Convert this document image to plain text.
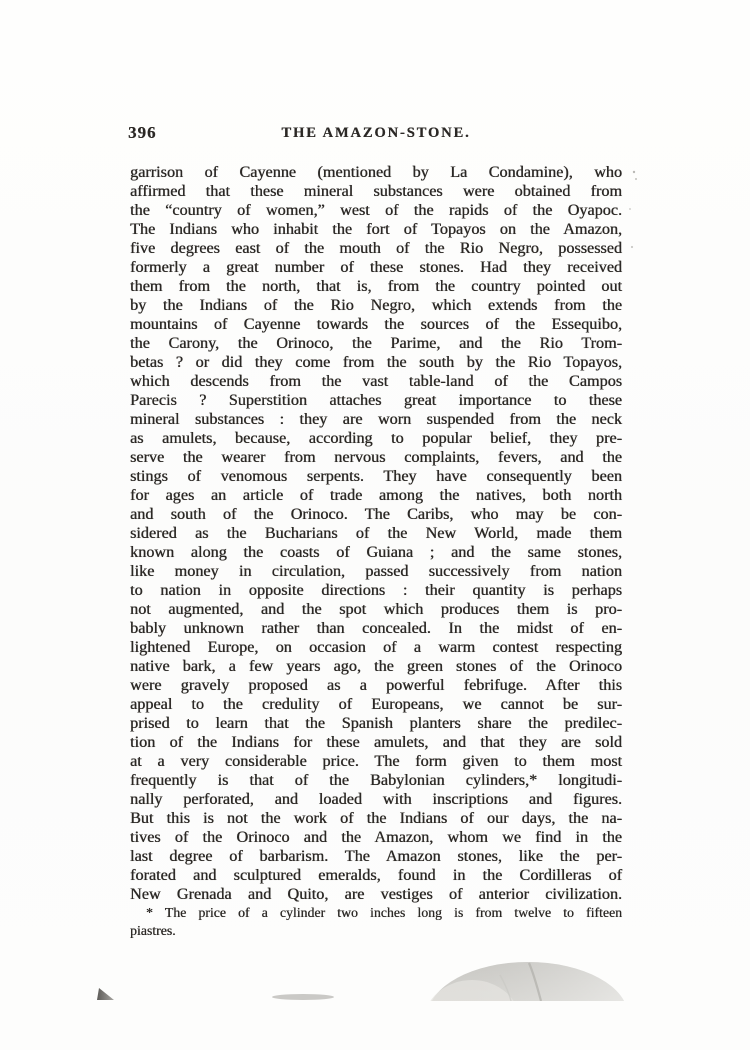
396	THE AMAZON-STONE.
garrison of Cayenne (mentioned by La Condamine), who
affirmed that these mineral substances were obtained from
the “country of women,” west of the rapids of the Oyapoc.
The Indians who inhabit the fort of Topayos on the Amazon,
five degrees east of the mouth of the Rio Negro, possessed
formerly a great number of these stones. Had they received
them from the north, that is, from the country pointed out
by the Indians of the Rio Negro, which extends from the
mountains of Cayenne towards the sources of the Essequibo,
the Carony, the Orinoco, the Parime, and the Rio Trom-
betas ? or did they come from the south by the Rio Topayos,
which descends from the vast table-land of the Campos
Parecis ? Superstition attaches great importance to these
mineral substances : they are worn suspended from the neck
as amulets, because, according to popular belief, they pre-
serve the wearer from nervous complaints, fevers, and the
stings of venomous serpents. They have consequently been
for ages an article of trade among the natives, both north
and south of the Orinoco. The Caribs, who may be con-
sidered as the Bucharians of the New World, made them
known along the coasts of Guiana ; and the same stones,
like money in circulation, passed successively from nation
to nation in opposite directions : their quantity is perhaps
not augmented, and the spot which produces them is pro-
bably unknown rather than concealed. In the midst of en-
lightened Europe, on occasion of a warm contest respecting
native bark, a few years ago, the green stones of the Orinoco
were gravely proposed as a powerful febrifuge. After this
appeal to the credulity of Europeans, we cannot be sur-
prised to learn that the Spanish planters share the predilec-
tion of the Indians for these amulets, and that they are sold
at a very considerable price. The form given to them most
frequently is that of the Babylonian cylinders,* longitudi-
nally perforated, and loaded with inscriptions and figures.
But this is not the work of the Indians of our days, the na-
tives of the Orinoco and the Amazon, whom we find in the
last degree of barbarism. The Amazon stones, like the per-
forated and sculptured emeralds, found in the Cordilleras of
New Grenada and Quito, are vestiges of anterior civilization.
* The price of a cylinder two inches long is from twelve to fifteen
piastres.
